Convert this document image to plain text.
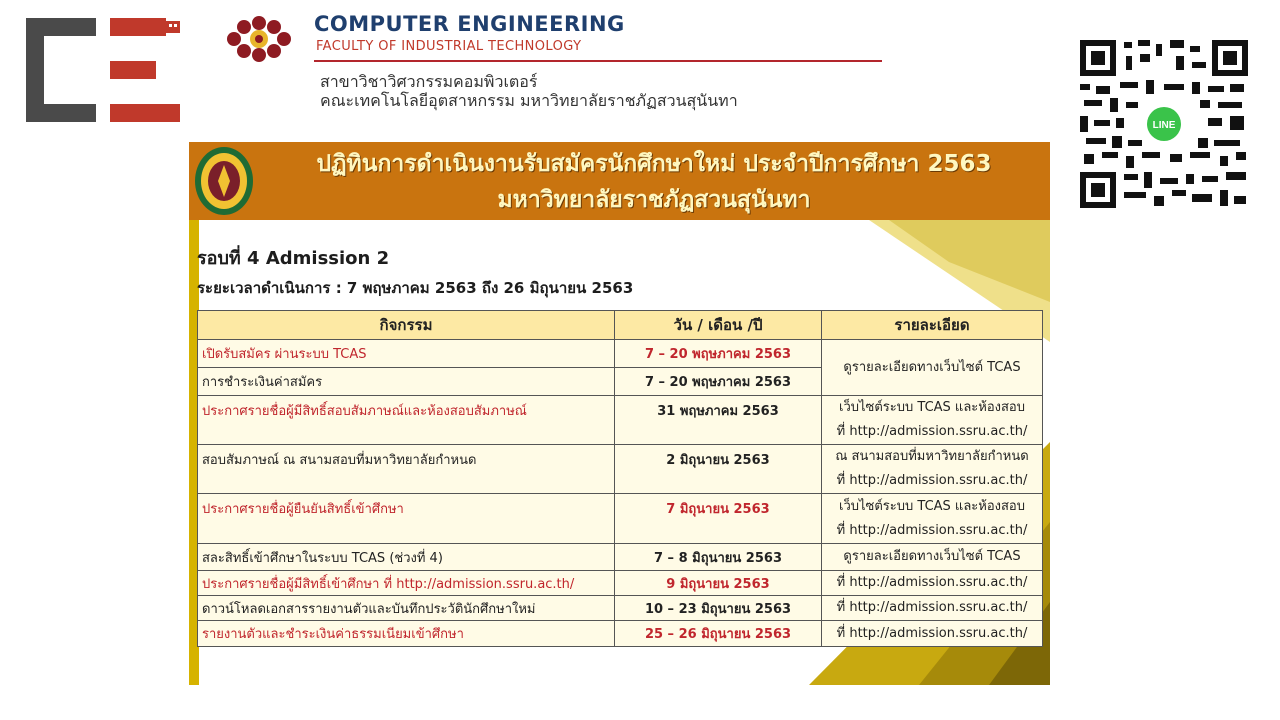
COMPUTER ENGINEERING
FACULTY OF INDUSTRIAL TECHNOLOGY
สาขาวิชาวิศวกรรมคอมพิวเตอร์
คณะเทคโนโลยีอุตสาหกรรม มหาวิทยาลัยราชภัฏสวนสุนันทา
LINE
ปฏิทินการดำเนินงานรับสมัครนักศึกษาใหม่ ประจำปีการศึกษา 2563
มหาวิทยาลัยราชภัฏสวนสุนันทา
รอบที่ 4 Admission 2
ระยะเวลาดำเนินการ : 7 พฤษภาคม 2563 ถึง 26 มิถุนายน 2563
กิจกรรม	วัน / เดือน /ปี	รายละเอียด
เปิดรับสมัคร ผ่านระบบ TCAS	7 – 20 พฤษภาคม 2563	ดูรายละเอียดทางเว็บไซต์ TCAS
การชำระเงินค่าสมัคร	7 – 20 พฤษภาคม 2563	
ประกาศรายชื่อผู้มีสิทธิ์สอบสัมภาษณ์และห้องสอบสัมภาษณ์	31 พฤษภาคม 2563	เว็บไซต์ระบบ TCAS และห้องสอบ
ที่ http://admission.ssru.ac.th/

สอบสัมภาษณ์ ณ สนามสอบที่มหาวิทยาลัยกำหนด	2 มิถุนายน 2563	ณ สนามสอบที่มหาวิทยาลัยกำหนด
ที่ http://admission.ssru.ac.th/

ประกาศรายชื่อผู้ยืนยันสิทธิ์เข้าศึกษา	7 มิถุนายน 2563	เว็บไซต์ระบบ TCAS และห้องสอบ
ที่ http://admission.ssru.ac.th/

สละสิทธิ์เข้าศึกษาในระบบ TCAS (ช่วงที่ 4)	7 – 8 มิถุนายน 2563	ดูรายละเอียดทางเว็บไซต์ TCAS
ประกาศรายชื่อผู้มีสิทธิ์เข้าศึกษา ที่ http://admission.ssru.ac.th/	9 มิถุนายน 2563	ที่ http://admission.ssru.ac.th/
ดาวน์โหลดเอกสารรายงานตัวและบันทึกประวัตินักศึกษาใหม่	10 – 23 มิถุนายน 2563	ที่ http://admission.ssru.ac.th/
รายงานตัวและชำระเงินค่าธรรมเนียมเข้าศึกษา	25 – 26 มิถุนายน 2563	ที่ http://admission.ssru.ac.th/
